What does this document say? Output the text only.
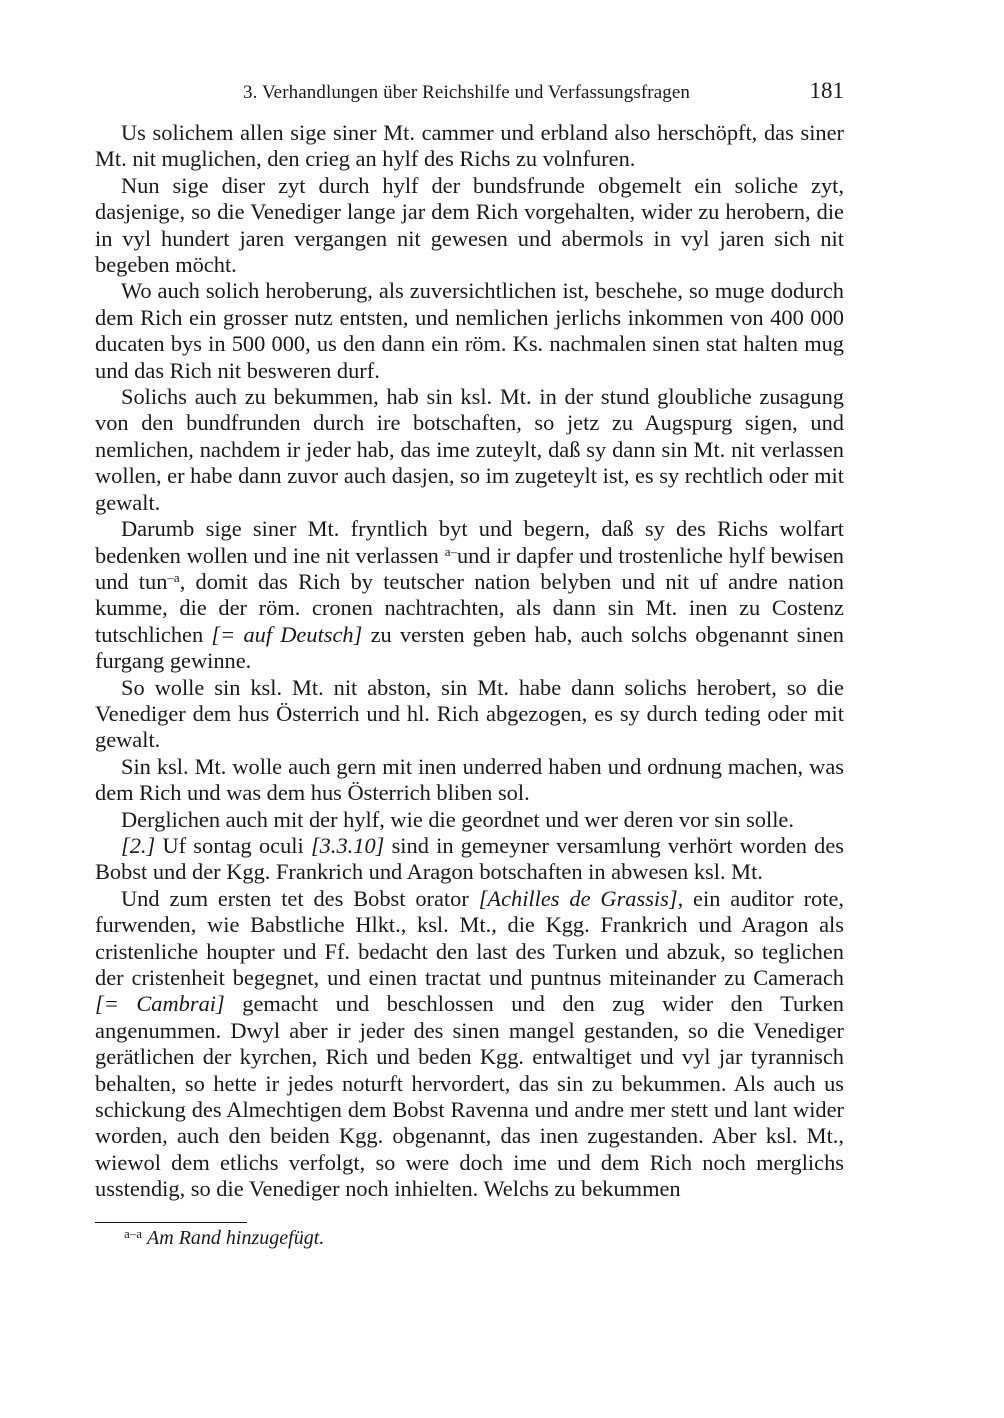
3. Verhandlungen über Reichshilfe und Verfassungsfragen	181

Us solichem allen sige siner Mt. cammer und erbland also herschöpft, das siner Mt. nit muglichen, den crieg an hylf des Richs zu volnfuren.

Nun sige diser zyt durch hylf der bundsfrunde obgemelt ein soliche zyt, dasjenige, so die Venediger lange jar dem Rich vorgehalten, wider zu herobern, die in vyl hundert jaren vergangen nit gewesen und abermols in vyl jaren sich nit begeben möcht.

Wo auch solich heroberung, als zuversichtlichen ist, beschehe, so muge dodurch dem Rich ein grosser nutz entsten, und nemlichen jerlichs inkommen von 400 000 ducaten bys in 500 000, us den dann ein röm. Ks. nachmalen sinen stat halten mug und das Rich nit besweren durf.

Solichs auch zu bekummen, hab sin ksl. Mt. in der stund gloubliche zusagung von den bundfrunden durch ire botschaften, so jetz zu Augspurg sigen, und nemlichen, nachdem ir jeder hab, das ime zuteylt, daß sy dann sin Mt. nit verlassen wollen, er habe dann zuvor auch dasjen, so im zugeteylt ist, es sy rechtlich oder mit gewalt.

Darumb sige siner Mt. fryntlich byt und begern, daß sy des Richs wolfart bedenken wollen und ine nit verlassen $^{a-}$und ir dapfer und trostenliche hylf bewisen und tun$^{-a}$, domit das Rich by teutscher nation belyben und nit uf andre nation kumme, die der röm. cronen nachtrachten, als dann sin Mt. inen zu Costenz tutschlichen [= auf Deutsch] zu versten geben hab, auch solchs obgenannt sinen furgang gewinne.

So wolle sin ksl. Mt. nit abston, sin Mt. habe dann solichs herobert, so die Venediger dem hus Österrich und hl. Rich abgezogen, es sy durch teding oder mit gewalt.

Sin ksl. Mt. wolle auch gern mit inen underred haben und ordnung machen, was dem Rich und was dem hus Österrich bliben sol.

Derglichen auch mit der hylf, wie die geordnet und wer deren vor sin solle.

[2.] Uf sontag oculi [3.3.10] sind in gemeyner versamlung verhört worden des Bobst und der Kgg. Frankrich und Aragon botschaften in abwesen ksl. Mt.

Und zum ersten tet des Bobst orator [Achilles de Grassis], ein auditor rote, furwenden, wie Babstliche Hlkt., ksl. Mt., die Kgg. Frankrich und Aragon als cristenliche houpter und Ff. bedacht den last des Turken und abzuk, so teglichen der cristenheit begegnet, und einen tractat und puntnus miteinander zu Camerach [= Cambrai] gemacht und beschlossen und den zug wider den Turken angenummen. Dwyl aber ir jeder des sinen mangel gestanden, so die Venediger gerätlichen der kyrchen, Rich und beden Kgg. entwaltiget und vyl jar tyrannisch behalten, so hette ir jedes noturft hervordert, das sin zu bekummen. Als auch us schickung des Almechtigen dem Bobst Ravenna und andre mer stett und lant wider worden, auch den beiden Kgg. obgenannt, das inen zugestanden. Aber ksl. Mt., wiewol dem etlichs verfolgt, so were doch ime und dem Rich noch merglichs usstendig, so die Venediger noch inhielten. Welchs zu bekummen

$^{a-a}$ Am Rand hinzugefügt.
